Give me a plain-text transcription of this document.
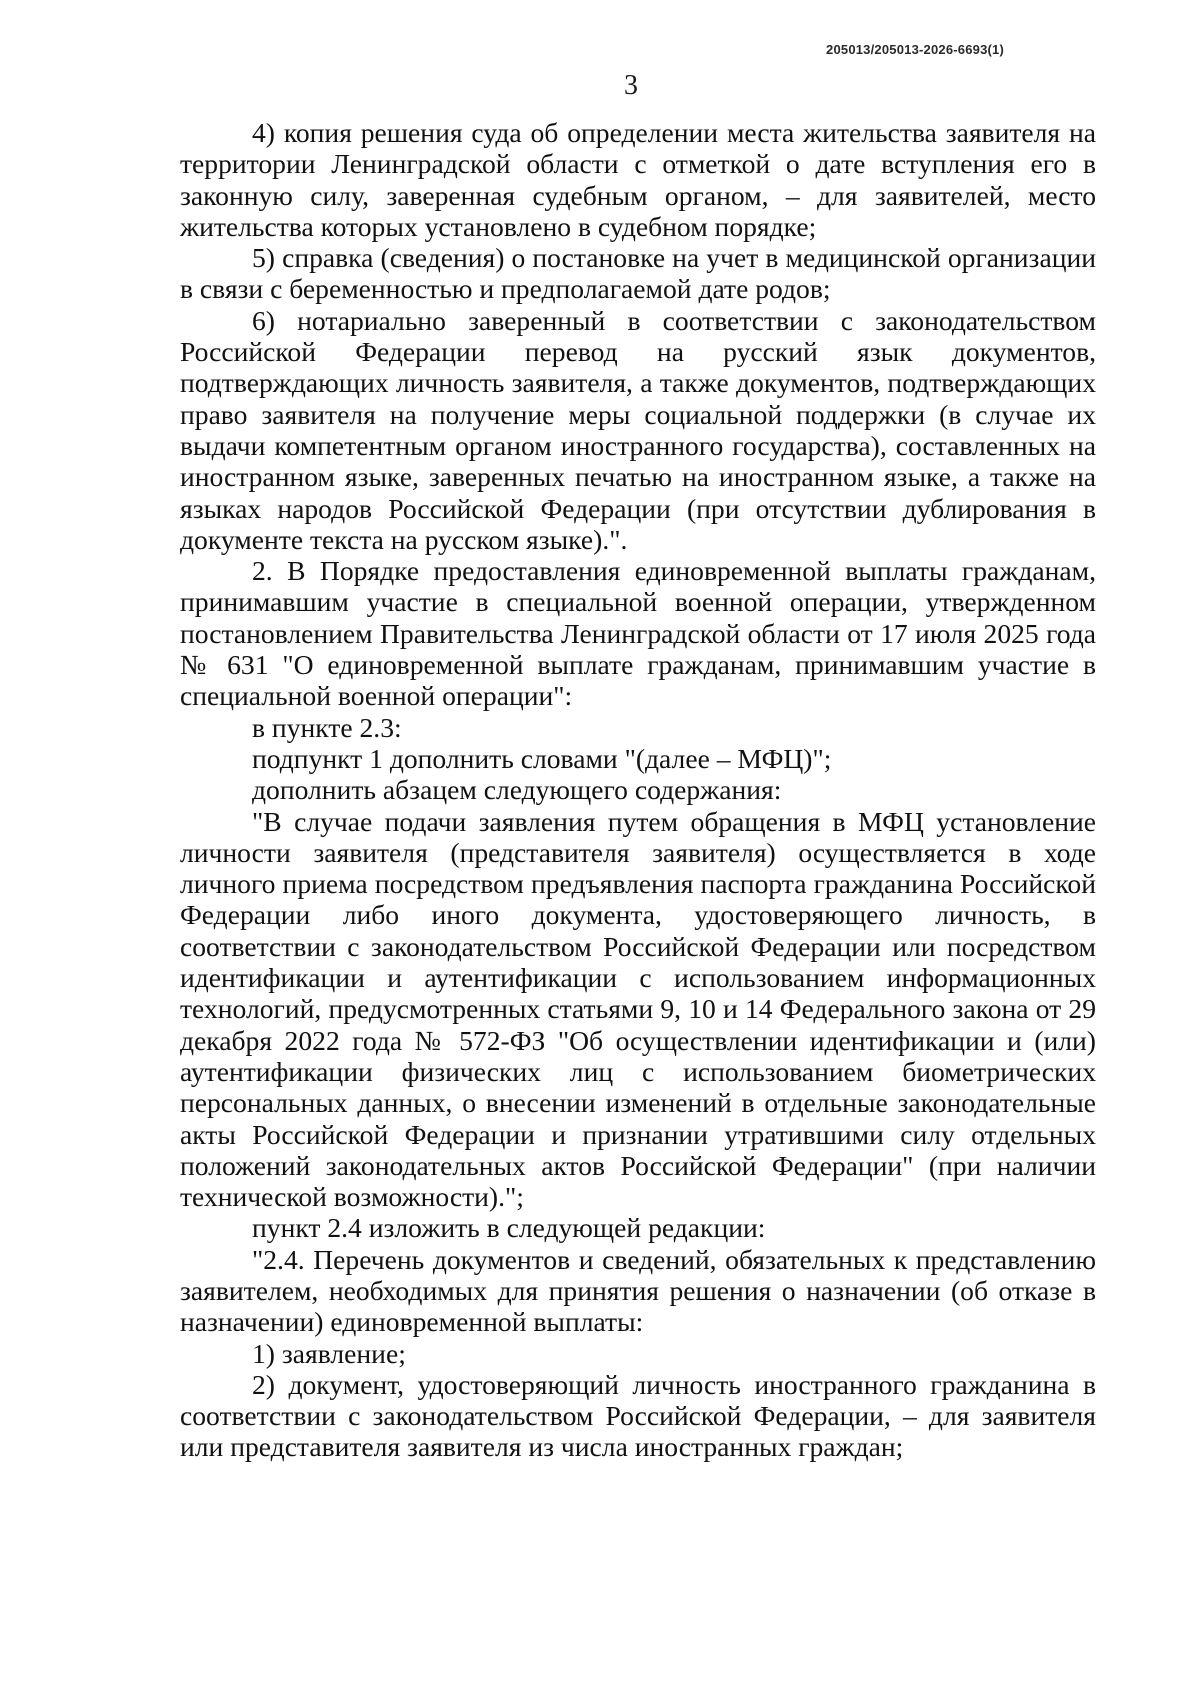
205013/205013-2026-6693(1)
3

4) копия решения суда об определении места жительства заявителя на территории Ленинградской области с отметкой о дате вступления его в законную силу, заверенная судебным органом, – для заявителей, место жительства которых установлено в судебном порядке;

5) справка (сведения) о постановке на учет в медицинской организации в связи с беременностью и предполагаемой дате родов;

6) нотариально заверенный в соответствии с законодательством Российской Федерации перевод на русский язык документов, подтверждающих личность заявителя, а также документов, подтверждающих право заявителя на получение меры социальной поддержки (в случае их выдачи компетентным органом иностранного государства), составленных на иностранном языке, заверенных печатью на иностранном языке, а также на языках народов Российской Федерации (при отсутствии дублирования в документе текста на русском языке).".

2. В Порядке предоставления единовременной выплаты гражданам, принимавшим участие в специальной военной операции, утвержденном постановлением Правительства Ленинградской области от 17 июля 2025 года № 631 "О единовременной выплате гражданам, принимавшим участие в специальной военной операции":

в пункте 2.3:

подпункт 1 дополнить словами "(далее – МФЦ)";

дополнить абзацем следующего содержания:

"В случае подачи заявления путем обращения в МФЦ установление личности заявителя (представителя заявителя) осуществляется в ходе личного приема посредством предъявления паспорта гражданина Российской Федерации либо иного документа, удостоверяющего личность, в соответствии с законодательством Российской Федерации или посредством идентификации и аутентификации с использованием информационных технологий, предусмотренных статьями 9, 10 и 14 Федерального закона от 29 декабря 2022 года № 572-ФЗ "Об осуществлении идентификации и (или) аутентификации физических лиц с использованием биометрических персональных данных, о внесении изменений в отдельные законодательные акты Российской Федерации и признании утратившими силу отдельных положений законодательных актов Российской Федерации" (при наличии технической возможности).";

пункт 2.4 изложить в следующей редакции:

"2.4. Перечень документов и сведений, обязательных к представлению заявителем, необходимых для принятия решения о назначении (об отказе в назначении) единовременной выплаты:

1) заявление;

2) документ, удостоверяющий личность иностранного гражданина в соответствии с законодательством Российской Федерации, – для заявителя или представителя заявителя из числа иностранных граждан;
